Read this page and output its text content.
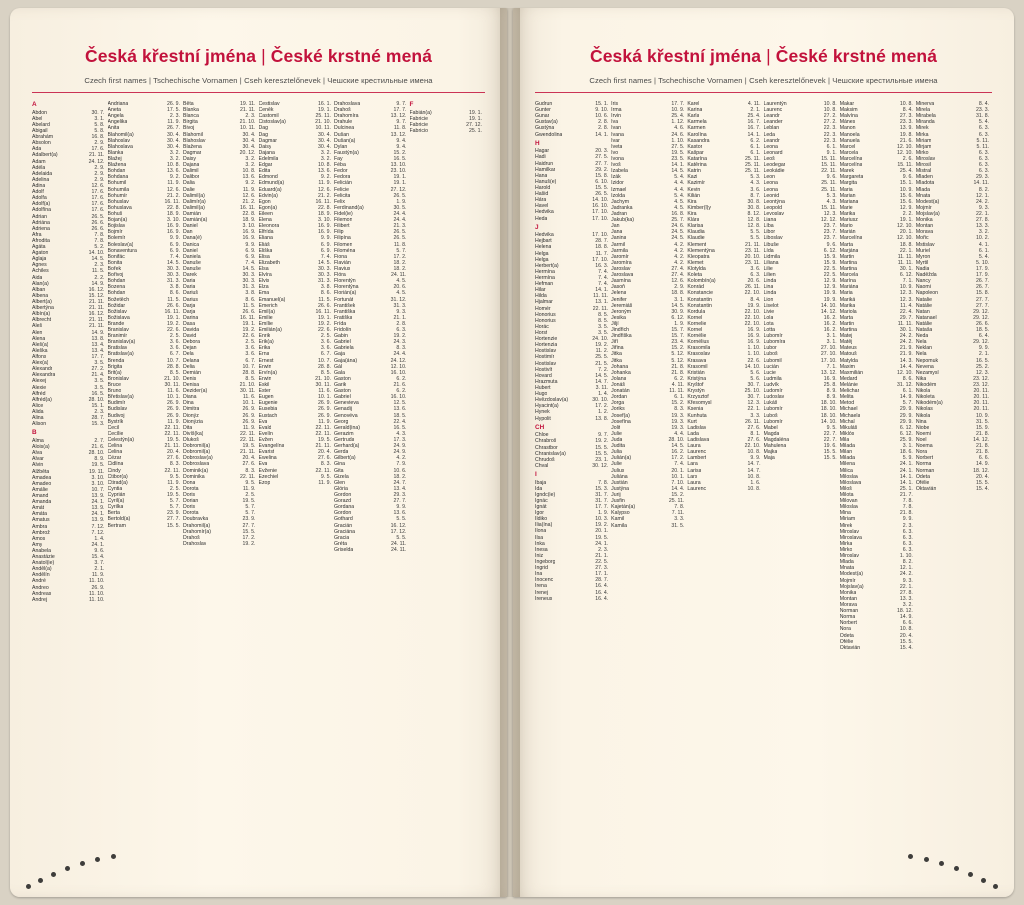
Česká křestní jména | České krstné mená
Czech first names | Tschechische Vornamen | Cseh keresztelőnevek | Чешские крестильные имена
A
Abdon	30. 7.
Ábel	3. 1.
Abelard	5. 8.
Abigail	5. 8.
Abrahám	16. 8.
Absolon	2. 9.
Ada	17. 6.
Adalbert(a)	21. 11.
Adam	24. 12.
Adéla	2. 9.
Adelaida	2. 9.
Adelina	2. 9.
Adina	12. 6.
Adolf	17. 6.
Adolfa	17. 6.
Adolf(a)	17. 6.
Adolfína	17. 6.
Adrian	26. 5.
Adriána	26. 6.
Adriena	26. 6.
Afra	7. 8.
Afrodita	7. 8.
Agáta	5. 2.
Agaton	14. 10.
Aglaja	14. 5.
Agnes	2. 3.
Achiles	11. 5.
Aida	2. 2.
Alan(a)	14. 9.
Alban	16. 12.
Albena	15. 12.
Albert(a)	21. 11.
Albertýna	21. 11.
Albín(a)	16. 12.
Albrecht	21. 11.
Aleš	21. 11.
Alen	14. 9.
Alena	13. 8.
Aleš(a)	13. 4.
Aleška	13. 4.
Alfons	17. 7.
Alex(a)	3. 5.
Alexandr	27. 2.
Alexandra	21. 4.
Alexej	3. 5.
Alexie	3. 5.
Alfréd	16. 5.
Alfréd(a)	28. 10.
Alice	15. 1.
Alida	2. 3.
Alina	28. 7.
Alison	15. 3.
B
Alma	2. 7.
Alois(a)	21. 6.
Alva	28. 10.
Alvar	8. 9.
Alvin	19. 5.
Alžběta	19. 11.
Amadea	3. 10.
Amadeo	3. 10.
Amálie	10. 7.
Amand	13. 9.
Amanda	24. 1.
Amát	13. 9.
Amáta	24. 1.
Amatus	13. 9.
Ambra	7. 12.
Ambrož	7. 12.
Amos	1. 4.
Amy	24. 1.
Anabela	9. 6.
Anastázie	15. 4.
Anatol(ie)	3. 7.
Anděl(a)	2. 1.
Andělín	11. 9.
André	11. 10.
Andreo	26. 9.
Andreas	11. 10.
Andrej	11. 10.
Andriana	26. 9.
Aneta	17. 5.
Angela	2. 3.
Angelika	11. 9.
Anita	26. 7.
Blahomil(a)	30. 4.
Blahoslav	30. 4.
Blahoslava	30. 4.
Blanka	3. 2.
Blažej	3. 2.
Blažena	10. 8.
Bohdan	13. 6.
Bohdana	9. 2.
Bohumil	11. 9.
Bohumila	12. 6.
Bohumír	21. 2.
Bohuslav	16. 11.
Bohuslava	22. 8.
Bohuš	18. 9.
Bojan(a)	3. 10.
Bojislav	16. 9.
Bojmír	16. 9.
Bolemír	9. 9.
Boleslav(a)	6. 9.
Bonaventura	6. 9.
Bonifác	7. 4.
Bonita	14. 5.
Bořek	30. 3.
Bořivoj	30. 3.
Bohdan	31. 3.
Bozena	3. 8.
Bohdan	8. 6.
Božetěch	11. 5.
Božidar	26. 6.
Božislav	16. 11.
Božislava	19. 1.
Brande	19. 2.
Branislav	22. 6.
Branimír	2. 5.
Branislav(a)	3. 6.
Bratislav	3. 6.
Bratislav(a)	6. 7.
Brenda	10. 7.
Brigita	28. 8.
Brit(a)	8. 5.
Bronislav	21. 10.
Bruce	30. 11.
Bruno	11. 6.
Břetislav(a)	10. 1.
Budimír	26. 9.
Budislav	26. 9.
Budivoj	26. 9.
Bystrík	11. 9.
Cecil	22. 11.
Cecílie	22. 11.
Celestýn(a)	19. 5.
Celina	21. 11.
Celina	20. 4.
Cézar	27. 6.
Cidlina	8. 3.
Cindy	22. 11.
Ctibor(a)	9. 5.
Ctirad(a)	11. 9.
Cyntia	2. 5.
Cyprián	19. 5.
Cyril(a)	5. 7.
Cyrilka	5. 7.
Berta	23. 9.
Bertold(a)	27. 7.
Bertram	15. 5.
Běta	19. 11.
Blanka	21. 11.
Blanca	2. 3.
Birgita	21. 10.
Bivoj	10. 11.
Blahomil	30. 4.
Blahoslav	30. 4.
Blažena	30. 4.
Dagmar	20. 12.
Daisy	3. 2.
Dajana	3. 2.
Dalimil	10. 8.
Dalibor	13. 6.
Dalia	9. 2.
Dalie	11. 9.
Dalimil(a)	12. 6.
Dalimír(a)	21. 2.
Dalimil(a)	16. 11.
Damián	22. 8.
Damián(a)	18. 9.
Daniel	3. 10.
Dan	16. 9.
Dana(é)	16. 9.
Danica	9. 9.
Daniel	6. 9.
Daniela	6. 9.
Danuše	7. 4.
Danuše	14. 5.
Darek	30. 3.
Daria	30. 3.
Daria	31. 3.
Dariuš	3. 8.
Darius	8. 6.
Darja	11. 5.
Darja	26. 6.
Darina	16. 11.
Dasa	19. 1.
Davida	19. 2.
David	22. 6.
Debora	2. 5.
Dejan	3. 6.
Dela	3. 6.
Delana	6. 7.
Delia	10. 7.
Demián	28. 8.
Denis	8. 5.
Denisa	21. 10.
Dezider(a)	30. 11.
Diana	11. 6.
Dina	10. 1.
Dimitra	26. 9.
Dionýz	26. 9.
Dionýzia	26. 9.
Dita	11. 9.
Divíš(ka)	22. 11.
Dlukoš	22. 11.
Dobromil(a)	19. 5.
Dobromil(a)	21. 11.
Dobroslav(a)	20. 4.
Dobroslava	27. 6.
Dominik(a)	8. 3.
Dominika	22. 11.
Dona	9. 5.
Dorota	11. 9.
Doris	2. 5.
Dorian	19. 5.
Doris	5. 7.
Dorota	5. 7.
Doubravka	23. 9.
Drahomil(a)	27. 7.
Drahomír(a)	15. 5.
Drahoš	17. 2.
Drahoslav	19. 2.
Čestislav	16. 1.
Čeněk	19. 1.
Častomil	25. 11.
Čistoslav(a)	21. 10.
Dag	10. 11.
Dag	30. 4.
Dagmar	30. 4.
Daisy	30. 4.
Dajana	3. 2.
Edelmila	3. 2.
Edgar	10. 8.
Edita	13. 6.
Edmond	9. 2.
Edmund(a)	11. 9.
Eduard(a)	12. 6.
Edvin(a)	21. 2.
Egon	16. 11.
Egon(a)	22. 8.
Eileen	18. 9.
Elena	3. 10.
Eleonora	16. 9.
Elfrída	16. 9.
Eliana	9. 9.
Eliáš	6. 9.
Eliška	6. 9.
Elisa	7. 4.
Elizabeth	14. 5.
Elsa	30. 3.
Elvíra	30. 3.
Elvis	31. 3.
Elza	3. 8.
Ema	8. 6.
Emanuel(a)	11. 5.
Emerich	26. 6.
Emil(a)	16. 11.
Emilie	19. 1.
Emílie	19. 2.
Emilián(a)	22. 6.
Enrik	2. 5.
Erik(a)	3. 6.
Erika	3. 6.
Erna	6. 7.
Ernest	10. 7.
Erwin	28. 8.
Ervín(a)	8. 5.
Erwin	21. 10.
Eskil	30. 11.
Ester	11. 6.
Eugen	10. 1.
Eugenie	26. 9.
Eusebia	26. 9.
Eustach	26. 9.
Eva	11. 9.
Evald	22. 11.
Evelín	22. 11.
Evžen	19. 5.
Evangelína	21. 11.
Evarist	20. 4.
Ewelina	27. 6.
Eva	8. 3.
Evženie	22. 11.
Ezechiel	9. 5.
Ezop	11. 9.
Drahoslava	9. 7.
Drahoš	17. 7.
Drahomíra	13. 12.
Drahule	9. 7.
Dulcinea	11. 8.
Dušan	13. 12.
Dušan(a)	9. 4.
Dylan	9. 4.
Faustýn(a)	15. 2.
Fay	16. 5.
Féba	13. 10.
Fedor	23. 10.
Fedora	19. 1.
Felicián	19. 1.
Felicie	27. 12.
Felicita	26. 5.
Felix	1. 9.
Ferdinand(a)	30. 5.
Fidel(ie)	24. 4.
Filemon	24. 4.
Filibert	21. 3.
Filip	26. 5.
Filipína	26. 5.
Filomen	11. 8.
Filoména	5. 7.
Fiona	17. 2.
Flavián	18. 2.
Flavius	18. 2.
Flóra	24. 11.
Florentýn	4. 5.
Florentýna	20. 6.
Florián(a)	4. 5.
Fortunát	31. 12.
František	31. 3.
Františka	9. 3.
Fratiška	21. 1.
Frída	2. 8.
Fridolín	6. 3.
Gabin	19. 2.
Gabriel	24. 3.
Gabriela	8. 3.
Gaja	24. 4.
Gaja(ána)	24. 12.
Gál	12. 10.
Gala	16. 10.
Gaston	6. 2.
Garik	21. 6.
Gaston	6. 2.
Gabriel	16. 10.
Genevieva	12. 5.
Genadij	13. 6.
Genovéva	18. 5.
Georg	22. 4.
Gerald(ina)	16. 5.
Gerazim	4. 3.
Gertruda	17. 3.
Gerhard(a)	24. 9.
Gerda	24. 9.
Gilbert(a)	4. 2.
Gina	7. 9.
Gita	10. 6.
Gizela	18. 2.
Glen	24. 7.
Glória	13. 4.
Gordon	29. 3.
Gorazd	27. 7.
Gordana	9. 9.
Gordon	13. 6.
Gothard	5. 5.
Gracián	16. 12.
Graciána	17. 12.
Gracia	5. 5.
Gréta	24. 11.
Griselda	24. 11.
F
Fabián(a)	19. 1.
Fabricie	19. 1.
Fabricie	27. 12.
Fabricio	25. 1.
Česká křestní jména | České krstné mená
Czech first names | Tschechische Vornamen | Cseh keresztelőnevek | Чешские крестильные имена
Gudrun	15. 1.
Gunter	9. 10.
Gunar	10. 6.
Gustav(a)	2. 8.
Gustýna	2. 8.
Gwendolina	14. 1.
H
Hagar	20. 3.
Hadi	27. 5.
Haidrun	27. 7.
Hamilkar	29. 2.
Hana	15. 8.
Hanuš(e)	6. 10.
Harold	15. 5.
Hašid	26. 5.
Hára	14. 10.
Havel	16. 10.
Hedvika	17. 10.
Heda	17. 10.
J
Hedvika	17. 10.
Hejbart	28. 7.
Helena	18. 8.
Helga	11. 7.
Helga	17. 10.
Herbert(a)	16. 3.
Hermína	7. 4.
Hermína	7. 4.
Hefman	7. 4.
Hilar	14. 1.
Hilda	11. 11.
Hjalmar	13. 1.
Homér	22. 11.
Honorius	8. 5.
Honorius	8. 5.
Horác	3. 5.
Horst	3. 5.
Hortenzie	24. 10.
Hortenzia	19. 2.
Hostislav	11. 2.
Hostimír	25. 5.
Hostislav	21. 5.
Hostivít	7. 2.
Hovard	14. 5.
Hrazmuta	14. 7.
Hubert	3. 11.
Hugo	1. 4.
Hvězdoslav(a)	30. 10.
Hyacint(a)	17. 2.
Hynek	1. 2.
Hypolit	13. 8.
CH
Chloe	9. 7.
Chrabroš	19. 2.
Chrastbor	15. 5.
Chranislav(a)	15. 5.
Chrudoš	23. 1.
Chval	30. 12.
I
Ibaja	7. 8.
Ida	15. 3.
Igndc(ie)	31. 7.
Ignác	31. 7.
Ignát	17. 7.
Igor	1. 9.
Ildiko	10. 3.
Ilia(ína)	19. 2.
Ilona	20. 1.
Ilsa	19. 5.
Inka	24. 1.
Inesa	2. 3.
Iniz	21. 1.
Ingeborg	22. 5.
Ingrid	27. 3.
Ina	17. 1.
Inocenc	28. 7.
Irena	16. 4.
Irenej	16. 4.
Ireneus	16. 4.
Iris	17. 7.
Irma	10. 9.
Irvin	25. 4.
Iva	1. 12.
Ivan	4. 6.
Ivana	24. 6.
Ivar	1. 10.
Iveta	27. 5.
Ivo	19. 5.
Ivona	23. 5.
Ivoš	14. 1.
Izabela	14. 5.
Izák	5. 4.
Izidor	4. 4.
Izmael	4. 4.
Izolda	5. 4.
Jachym	4. 5.
Jadranka	4. 5.
Jadran	16. 8.
Jakub(ka)	25. 7.
Jan	24. 6.
Jana	24. 5.
Janina	24. 5.
Jarmil	4. 2.
Jarmila	4. 2.
Jaromír	4. 2.
Jaromíra	4. 2.
Jaroslav	27. 4.
Jaroslava	27. 4.
Jasmína	12. 6.
Jasoň	2. 9.
Jelena	18. 8.
Jenifer	3. 1.
Jeremiáš	14. 5.
Jeroným	30. 9.
Jesika	6. 12.
Jiljí	1. 9.
Jindřich	15. 7.
Jindřiška	15. 7.
Jiří	23. 4.
Jiřina	15. 2.
Jitka	5. 12.
Jitka	5. 12.
Johana	21. 8.
Johanka	21. 8.
Jolana	6. 2.
Jonáš	4. 11.
Jonatán	11. 11.
Jordan	6. 1.
Jorga	15. 2.
Joriks	8. 3.
Josef(a)	19. 3.
Josefína	19. 3.
Jolit	19. 3.
Julie	4. 4.
Juda	28. 10.
Judita	14. 5.
Julia	16. 2.
Julián(a)	17. 2.
Julie	7. 4.
Julius	20. 1.
Juliána	10. 1.
Justián	7. 10.
Justýna	14. 4.
Jurij	15. 2.
Jusfin	25. 11.
Kajetán(a)	7. 8.
Kalypso	7. 11.
Kamil	3. 3.
Kamila	31. 5.
Karel	4. 11.
Karina	2. 1.
Karla	25. 4.
Karmela	16. 7.
Karmen	16. 7.
Karolína	14. 1.
Kasandra	6. 2.
Kastor	6. 1.
Kašpar	6. 1.
Katarína	25. 11.
Katěrina	25. 11.
Katrin	25. 11.
Kazi	5. 3.
Kazimír	4. 3.
Kevin	3. 6.
Kilián	8. 7.
Kira	30. 8.
Kimber(l)y	30. 8.
Kira	8. 12.
Klára	12. 8.
Klarisa	12. 8.
Klaudia	5. 5.
Klaudie	5. 5.
Klement	21. 11.
Klementýna	23. 11.
Kleopatra	20. 10.
Klemet	23. 11.
Klotylda	3. 6.
Koleta	6. 3.
Kolombín(a)	20. 6.
Konrád	26. 11.
Konstancie	22. 10.
Konstantin	8. 4.
Konstantin	19. 9.
Kordula	22. 10.
Kornel	22. 10.
Kornelie	22. 10.
Kornel	16. 9.
Kornélie	16. 9.
Kornélius	16. 9.
Krasomila	1. 10.
Krasoslav	1. 10.
Krasava	22. 6.
Krasomil	14. 10.
Kristián	5. 6.
Kristýna	5. 6.
Kryštof	30. 7.
Krystýn	25. 10.
Krzysztof	30. 7.
Křesomysl	12. 3.
Ksenia	22. 1.
Kunhuta	3. 3.
Kurt	26. 11.
Ladislav	27. 6.
Lada	8. 1.
Ladislava	27. 6.
Laura	22. 10.
Laurenc	10. 8.
Lambert	9. 9.
Lara	14. 7.
Larisa	14. 7.
Lars	10. 8.
Laura	1. 6.
Laurenc	10. 8.
Laurentýn	10. 8.
Laurenc	10. 8.
Leandr	27. 2.
Leander	27. 2.
Leblan	22. 3.
Leda	22. 3.
Leandr	22. 3.
Leona	6. 1.
Leonard	9. 1.
Leoš	15. 11.
Leodegar	15. 11.
Leokádie	22. 11.
Leon	9. 6.
Leona	25. 11.
Leona	25. 11.
Leonid	5. 3.
Leontýna	4. 3.
Leopold	15. 11.
Levoslav	12. 3.
Liana	12. 12.
Líba	23. 7.
Libor	23. 7.
Liboslav	23. 7.
Libuše	9. 6.
Lída	6. 12.
Lidmila	15. 9.
Liliana	15. 9.
Lilie	22. 5.
Lilien	22. 5.
Linda	12. 9.
Lina	12. 9.
Linda	19. 9.
Lion	19. 9.
Liselot	14. 10.
Livie	14. 12.
Lola	16. 2.
Lota	16. 2.
Lotta	16. 2.
Lubomír	3. 1.
Lubomíra	3. 1.
Lubor	27. 10.
Luboš	27. 10.
Lubomil	17. 10.
Lucián	7. 1.
Lucie	13. 12.
Ludmila	16. 9.
Ludvík	25. 8.
Ludomír	8. 9.
Ludoslav	8. 9.
Lukáš	18. 10.
Lubomír	18. 10.
Luboš	18. 10.
Lubomír	14. 10.
Mabel	9. 5.
Magda	22. 7.
Magdaléna	22. 7.
Mahulena	19. 6.
Majka	15. 5.
Maja	15. 5.
Makar	10. 8.
Maksim	8. 4.
Malvína	27. 3.
Mánes	23. 3.
Manon	13. 9.
Manoela	19. 8.
Manuela	21. 6.
Marcel	12. 10.
Marcela	12. 10.
Marcelína	2. 6.
Marcelína	15. 11.
Marek	25. 4.
Margareta	9. 6.
Margita	15. 1.
Maria	10. 9.
Marian	15. 6.
Mariana	15. 6.
Marie	12. 9.
Marika	2. 2.
Mariusz	19. 1.
Mario	12. 10.
Marián	20. 1.
Marcelína	12. 10.
Marta	18. 8.
Marjána	22. 1.
Martin	11. 11.
Martina	11. 11.
Martina	30. 1.
Marcela	6. 12.
Marína	7. 1.
Mariána	10. 9.
Maria	12. 3.
Mariká	12. 3.
Marika	11. 4.
Mariola	22. 4.
Marta	29. 7.
Martin	11. 11.
Martina	30. 1.
Matej	24. 2.
Matěj	24. 2.
Mateus	21. 9.
Matouš	21. 9.
Matylda	14. 3.
Maxim	14. 4.
Maxmilián	12. 10.
Medard	8. 6.
Melánie	31. 12.
Melichar	6. 1.
Melita	14. 9.
Metod	5. 7.
Michael	29. 9.
Michaela	29. 9.
Michal	29. 9.
Mikuláš	6. 12.
Miklós	6. 12.
Mila	25. 9.
Milada	3. 1.
Milan	18. 6.
Milada	5. 9.
Milena	24. 1.
Milica	24. 1.
Miloslav	14. 1.
Miloslava	14. 1.
Miloš	25. 1.
Milota	21. 7.
Milovan	7. 8.
Miloslav	7. 8.
Mina	21. 8.
Miriam	9. 9.
Mirek	2. 3.
Miroslav	6. 3.
Miroslava	6. 3.
Mirka	6. 3.
Mirko	6. 3.
Miroslav	1. 10.
Mlada	8. 2.
Mnata	12. 1.
Modest(a)	24. 2.
Mojmír	9. 3.
Mojslav(a)	22. 1.
Monika	27. 8.
Montan	13. 3.
Morava	3. 2.
Norman	18. 12.
Norma	14. 9.
Norbert	6. 6.
Nora	10. 8.
Odeta	20. 4.
Ofélie	15. 5.
Oktavián	15. 4.
Minerva	8. 4.
Mirela	23. 3.
Mirabela	31. 8.
Miranda	5. 4.
Mirek	6. 3.
Mirka	6. 3.
Miriam	5. 11.
Mirjam	5. 11.
Mirko	6. 3.
Miroslav	6. 3.
Mirosil	6. 3.
Mistral	6. 3.
Mladen	29. 3.
Mladota	14. 11.
Mlada	8. 2.
Mnata	12. 1.
Modest(a)	24. 2.
Mojmír	9. 3.
Mojslav(a)	22. 1.
Monika	27. 8.
Montan	13. 3.
Morava	3. 2.
Mořic	10. 2.
Mstislav	4. 1.
Muriel	6. 1.
Myron	5. 4.
Myrtil	5. 10.
Nadia	17. 9.
Naděžda	17. 9.
Nancy	26. 7.
Naomi	26. 7.
Napoleon	15. 8.
Natalie	27. 7.
Natálie	27. 7.
Natan	29. 12.
Natanael	29. 12.
Natálie	26. 6.
Nataša	18. 5.
Neda	6. 4.
Nela	29. 12.
Neklan	9. 9.
Nela	2. 1.
Nepomuk	16. 5.
Nevena	25. 2.
Nezamysl	12. 3.
Nika	23. 12.
Nikodém	23. 12.
Nikola	20. 11.
Nikoleta	20. 11.
Nikodém(a)	20. 11.
Nikolas	20. 11.
Nikola	10. 9.
Nina	31. 5.
Niobe	15. 9.
Noemi	21. 8.
Noel	14. 12.
Noema	21. 8.
Nora	21. 8.
Norbert	6. 6.
Norma	14. 9.
Norman	18. 12.
Odeta	20. 4.
Ofélie	15. 5.
Oktavián	15. 4.
